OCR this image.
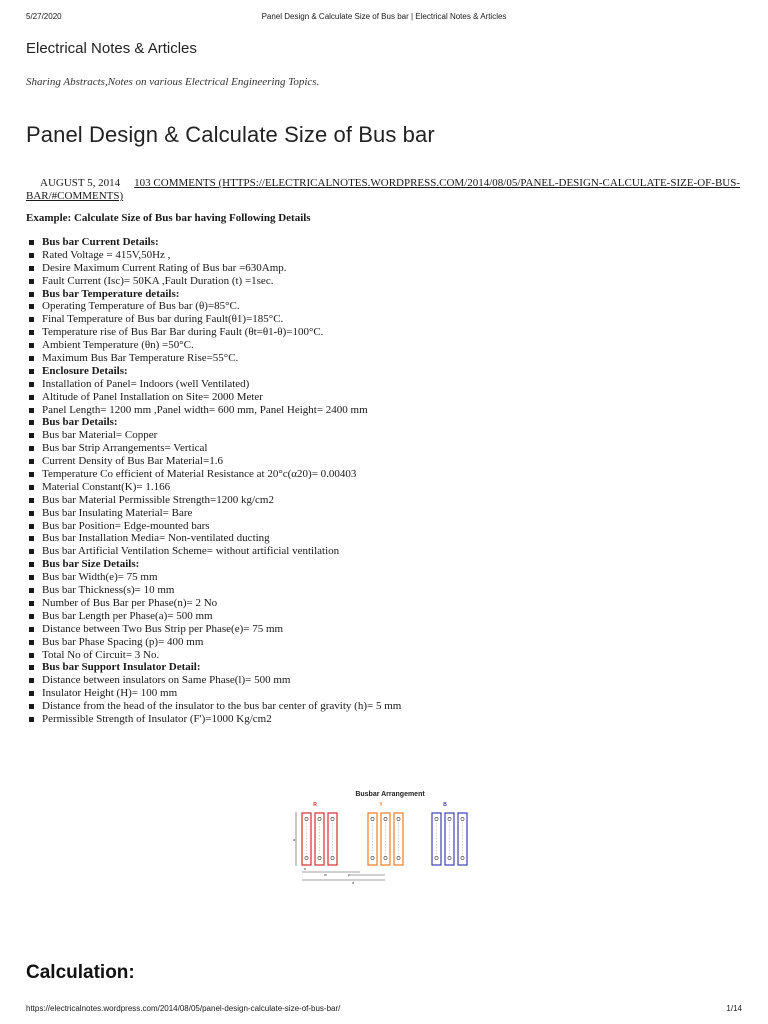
5/27/2020	Panel Design & Calculate Size of Bus bar | Electrical Notes & Articles
Electrical Notes & Articles
Sharing Abstracts,Notes on various Electrical Engineering Topics.
Panel Design & Calculate Size of Bus bar
AUGUST 5, 2014 103 COMMENTS (HTTPS://ELECTRICALNOTES.WORDPRESS.COM/2014/08/05/PANEL-DESIGN-CALCULATE-SIZE-OF-BUS-BAR/#COMMENTS)
Example: Calculate Size of Bus bar having Following Details
Bus bar Current Details:
Rated Voltage = 415V,50Hz ,
Desire Maximum Current Rating of Bus bar =630Amp.
Fault Current (Isc)= 50KA ,Fault Duration (t) =1sec.
Bus bar Temperature details:
Operating Temperature of Bus bar (θ)=85°C.
Final Temperature of Bus bar during Fault(θ1)=185°C.
Temperature rise of Bus Bar Bar during Fault (θt=θ1-θ)=100°C.
Ambient Temperature (θn) =50°C.
Maximum Bus Bar Temperature Rise=55°C.
Enclosure Details:
Installation of Panel= Indoors (well Ventilated)
Altitude of Panel Installation on Site= 2000 Meter
Panel Length= 1200 mm ,Panel width= 600 mm, Panel Height= 2400 mm
Bus bar Details:
Bus bar Material= Copper
Bus bar Strip Arrangements= Vertical
Current Density of Bus Bar Material=1.6
Temperature Co efficient of Material Resistance at 20°c(α20)= 0.00403
Material Constant(K)= 1.166
Bus bar Material Permissible Strength=1200 kg/cm2
Bus bar Insulating Material= Bare
Bus bar Position= Edge-mounted bars
Bus bar Installation Media= Non-ventilated ducting
Bus bar Artificial Ventilation Scheme= without artificial ventilation
Bus bar Size Details:
Bus bar Width(e)= 75 mm
Bus bar Thickness(s)= 10 mm
Number of Bus Bar per Phase(n)= 2 No
Bus bar Length per Phase(a)= 500 mm
Distance between Two Bus Strip per Phase(e)= 75 mm
Bus bar Phase Spacing (p)= 400 mm
Total No of Circuit= 3 No.
Bus bar Support Insulator Detail:
Distance between insulators on Same Phase(l)= 500 mm
Insulator Height (H)= 100 mm
Distance from the head of the insulator to the bus bar center of gravity (h)= 5 mm
Permissible Strength of Insulator (F')=1000 Kg/cm2
Busbar Arrangement
R	Y	B
a
e
w	p
d
Calculation:
https://electricalnotes.wordpress.com/2014/08/05/panel-design-calculate-size-of-bus-bar/	1/14
